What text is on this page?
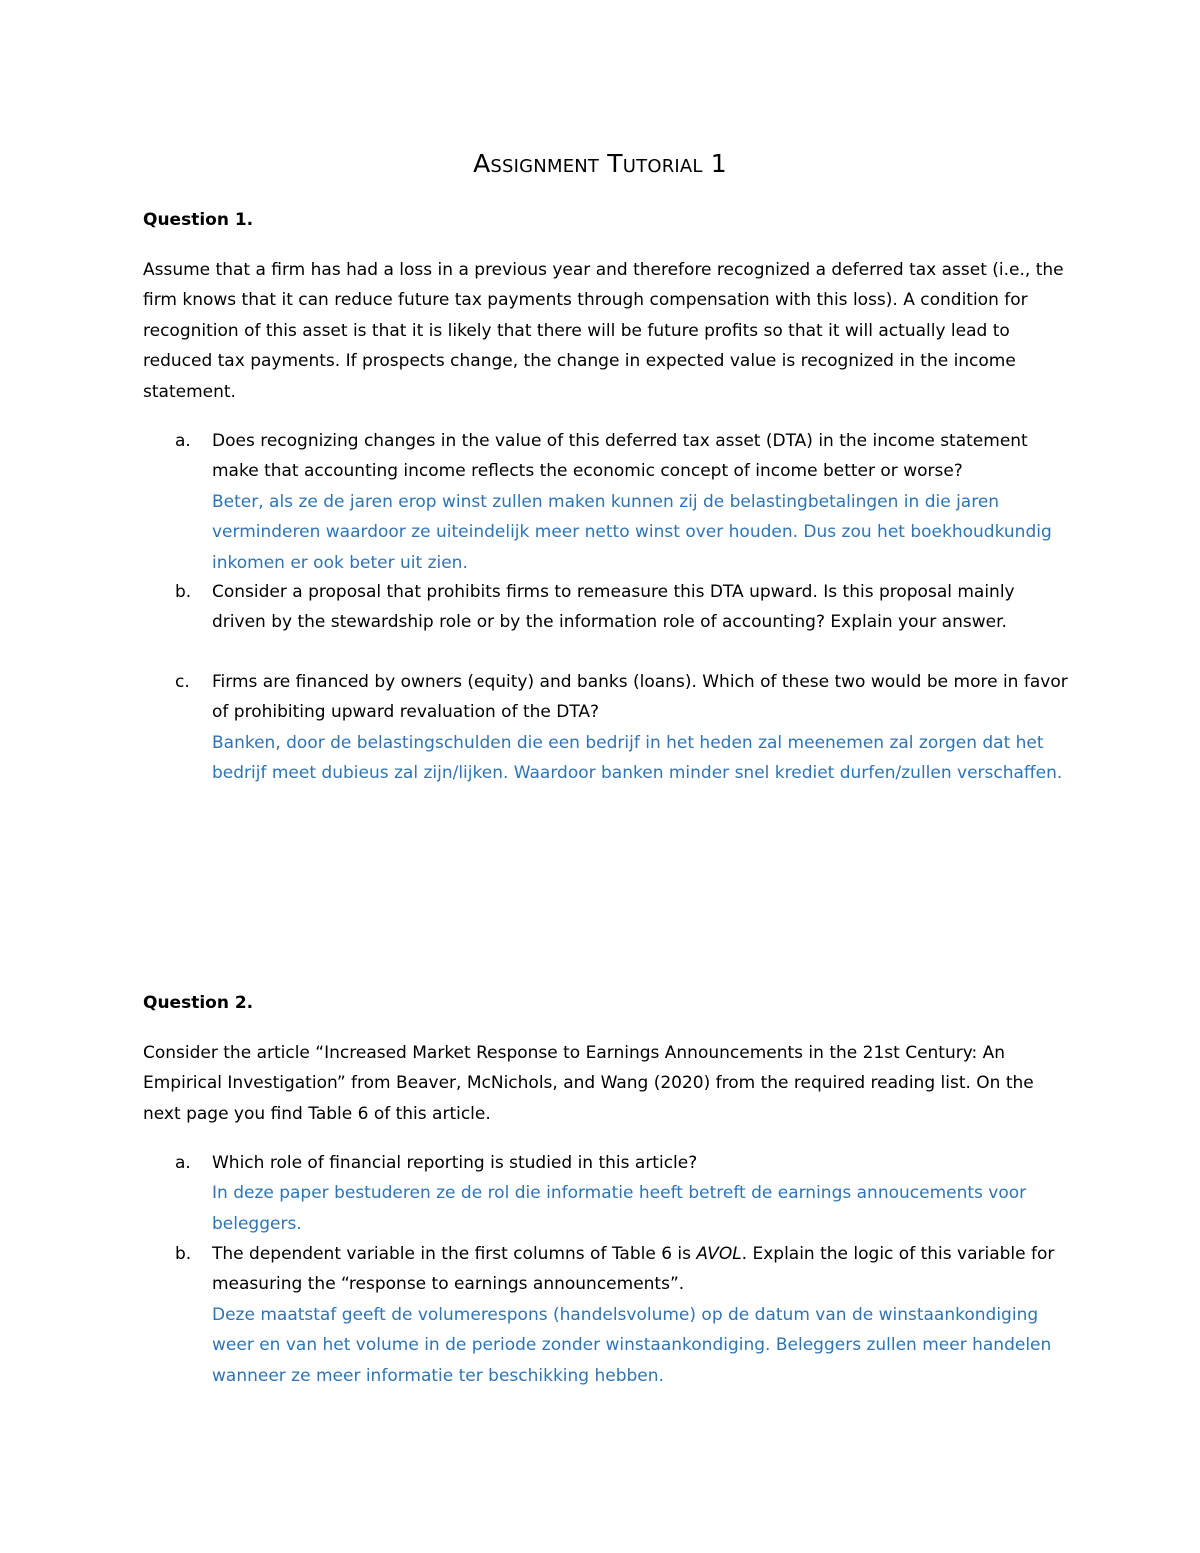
Assignment Tutorial 1
Question 1.

Assume that a firm has had a loss in a previous year and therefore recognized a deferred tax asset (i.e., the firm knows that it can reduce future tax payments through compensation with this loss). A condition for recognition of this asset is that it is likely that there will be future profits so that it will actually lead to reduced tax payments. If prospects change, the change in expected value is recognized in the income statement.

a.	Does recognizing changes in the value of this deferred tax asset (DTA) in the income statement make that accounting income reflects the economic concept of income better or worse?
Beter, als ze de jaren erop winst zullen maken kunnen zij de belastingbetalingen in die jaren verminderen waardoor ze uiteindelijk meer netto winst over houden. Dus zou het boekhoudkundig inkomen er ook beter uit zien.
b.	Consider a proposal that prohibits firms to remeasure this DTA upward. Is this proposal mainly driven by the stewardship role or by the information role of accounting? Explain your answer.
c.	Firms are financed by owners (equity) and banks (loans). Which of these two would be more in favor of prohibiting upward revaluation of the DTA?
Banken, door de belastingschulden die een bedrijf in het heden zal meenemen zal zorgen dat het bedrijf meet dubieus zal zijn/lijken. Waardoor banken minder snel krediet durfen/zullen verschaffen.
Question 2.

Consider the article “Increased Market Response to Earnings Announcements in the 21st Century: An Empirical Investigation” from Beaver, McNichols, and Wang (2020) from the required reading list. On the next page you find Table 6 of this article.

a.	Which role of financial reporting is studied in this article?
In deze paper bestuderen ze de rol die informatie heeft betreft de earnings annoucements voor beleggers.
b.	The dependent variable in the first columns of Table 6 is AVOL. Explain the logic of this variable for measuring the “response to earnings announcements”.
Deze maatstaf geeft de volumerespons (handelsvolume) op de datum van de winstaankondiging weer en van het volume in de periode zonder winstaankondiging. Beleggers zullen meer handelen wanneer ze meer informatie ter beschikking hebben.
